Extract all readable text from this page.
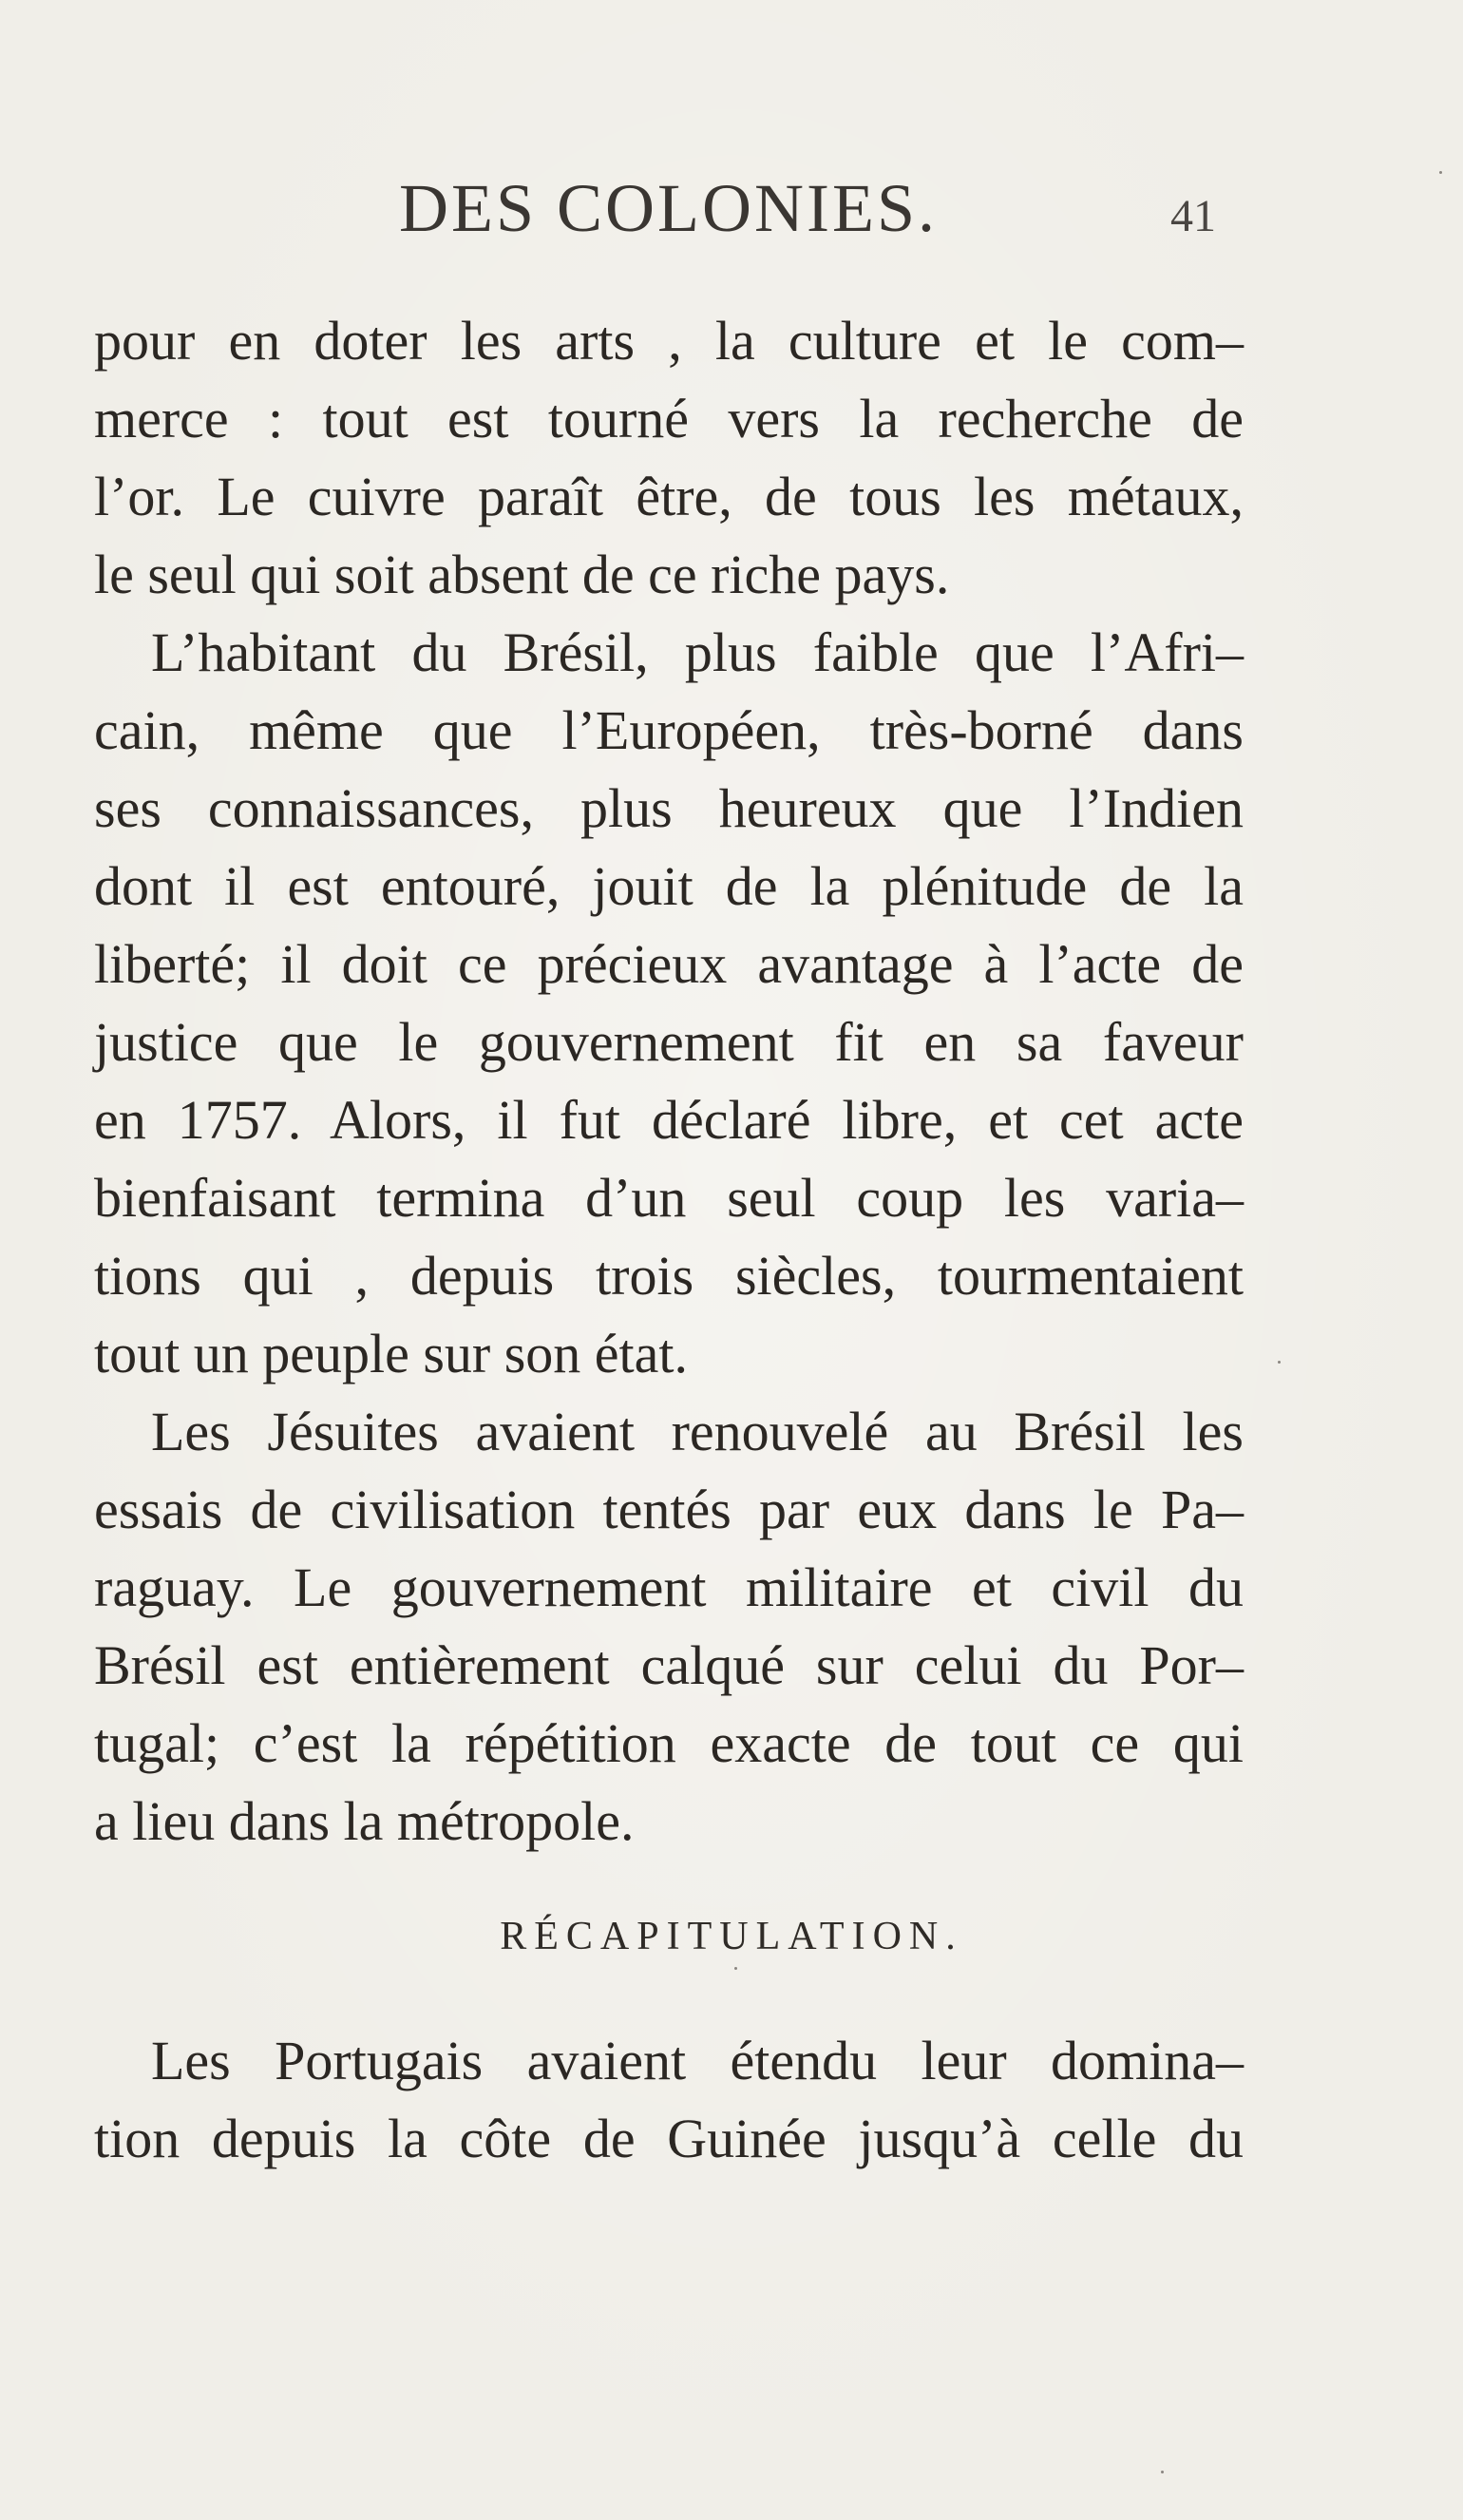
DES COLONIES.	41

pour en doter les arts , la culture et le com–
merce : tout est tourné vers la recherche de
l’or. Le cuivre paraît être, de tous les métaux,
le seul qui soit absent de ce riche pays.

L’habitant du Brésil, plus faible que l’Afri–
cain, même que l’Européen, très-borné dans
ses connaissances, plus heureux que l’Indien
dont il est entouré, jouit de la plénitude de la
liberté; il doit ce précieux avantage à l’acte de
justice que le gouvernement fit en sa faveur
en 1757. Alors, il fut déclaré libre, et cet acte
bienfaisant termina d’un seul coup les varia–
tions qui , depuis trois siècles, tourmentaient
tout un peuple sur son état.

Les Jésuites avaient renouvelé au Brésil les
essais de civilisation tentés par eux dans le Pa–
raguay. Le gouvernement militaire et civil du
Brésil est entièrement calqué sur celui du Por–
tugal; c’est la répétition exacte de tout ce qui
a lieu dans la métropole.

RÉCAPITULATION.
Les Portugais avaient étendu leur domina–
tion depuis la côte de Guinée jusqu’à celle du
